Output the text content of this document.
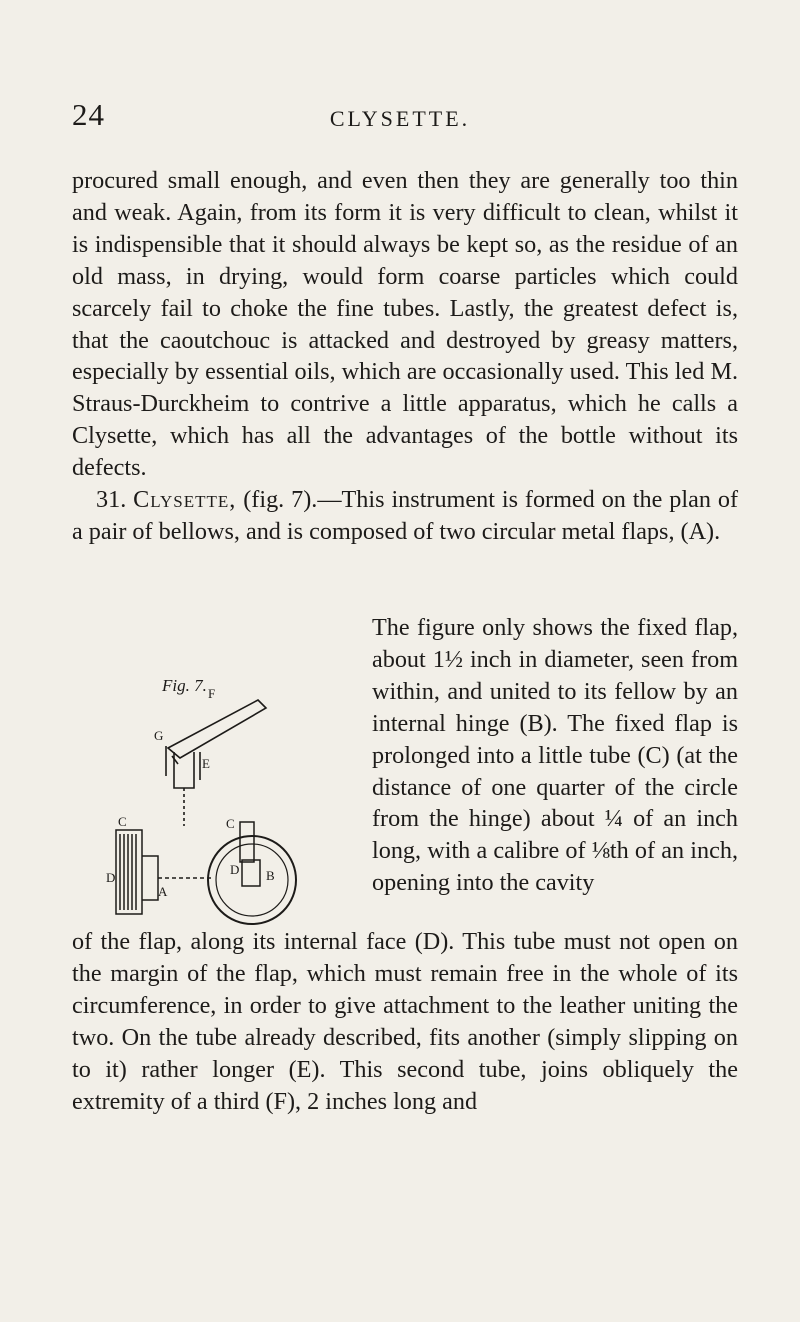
24	CLYSETTE.

procured small enough, and even then they are generally too thin and weak. Again, from its form it is very difficult to clean, whilst it is indispensible that it should always be kept so, as the residue of an old mass, in drying, would form coarse particles which could scarcely fail to choke the fine tubes. Lastly, the greatest defect is, that the caoutchouc is attacked and destroyed by greasy matters, especially by essential oils, which are occasionally used. This led M. Straus-Durckheim to contrive a little apparatus, which he calls a Clysette, which has all the advantages of the bottle without its defects.

31. Clysette, (fig. 7).—This instrument is formed on the plan of a pair of bellows, and is composed of two circular metal flaps, (A).

The figure only shows the fixed flap, about 1½ inch in diameter, seen from within, and united to its fellow by an internal hinge (B). The fixed flap is prolonged into a little tube (C) (at the distance of one quarter of the circle from the hinge) about ¼ of an inch long, with a calibre of ⅛th of an inch, opening into the cavity

Fig. 7. F
G
E
C	C
D
D
A
B

of the flap, along its internal face (D). This tube must not open on the margin of the flap, which must remain free in the whole of its circumference, in order to give attachment to the leather uniting the two. On the tube already described, fits another (simply slipping on to it) rather longer (E). This second tube, joins obliquely the extremity of a third (F), 2 inches long and
